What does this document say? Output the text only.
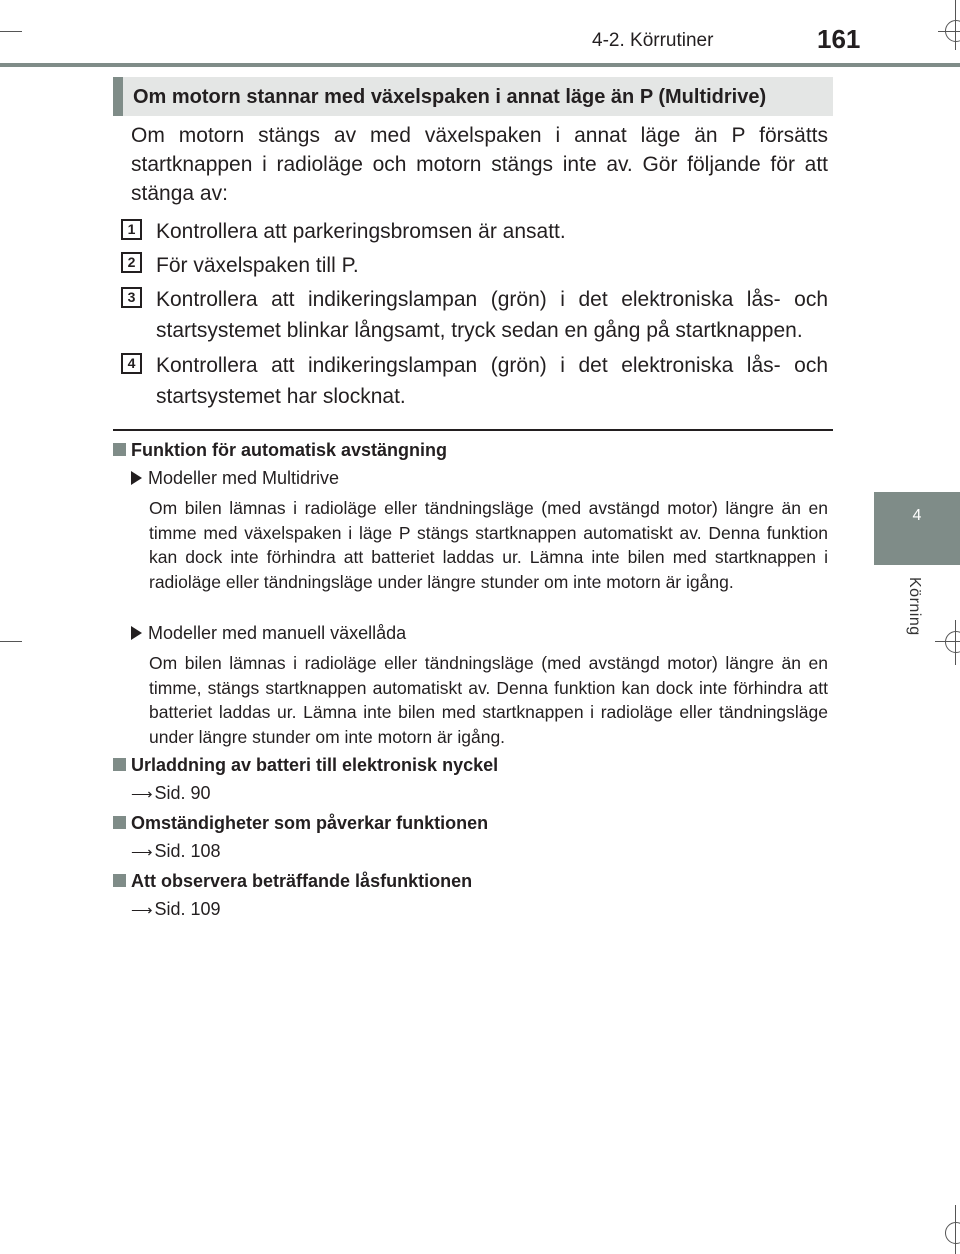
4-2. Körrutiner	161
4
Körning
Om motorn stannar med växelspaken i annat läge än P (Multidrive)
Om motorn stängs av med växelspaken i annat läge än P försätts startknappen i radioläge och motorn stängs inte av. Gör följande för att stänga av:
1 Kontrollera att parkeringsbromsen är ansatt.
2 För växelspaken till P.
3 Kontrollera att indikeringslampan (grön) i det elektroniska lås- och startsystemet blinkar långsamt, tryck sedan en gång på startknappen.
4 Kontrollera att indikeringslampan (grön) i det elektroniska lås- och startsystemet har slocknat.
Funktion för automatisk avstängning
Modeller med Multidrive
Om bilen lämnas i radioläge eller tändningsläge (med avstängd motor) längre än en timme med växelspaken i läge P stängs startknappen automatiskt av. Denna funktion kan dock inte förhindra att batteriet laddas ur. Lämna inte bilen med startknappen i radioläge eller tändningsläge under längre stunder om inte motorn är igång.
Modeller med manuell växellåda
Om bilen lämnas i radioläge eller tändningsläge (med avstängd motor) längre än en timme, stängs startknappen automatiskt av. Denna funktion kan dock inte förhindra att batteriet laddas ur. Lämna inte bilen med startknappen i radioläge eller tändningsläge under längre stunder om inte motorn är igång.
Urladdning av batteri till elektronisk nyckel
⟶ Sid. 90
Omständigheter som påverkar funktionen
⟶ Sid. 108
Att observera beträffande låsfunktionen
⟶ Sid. 109
